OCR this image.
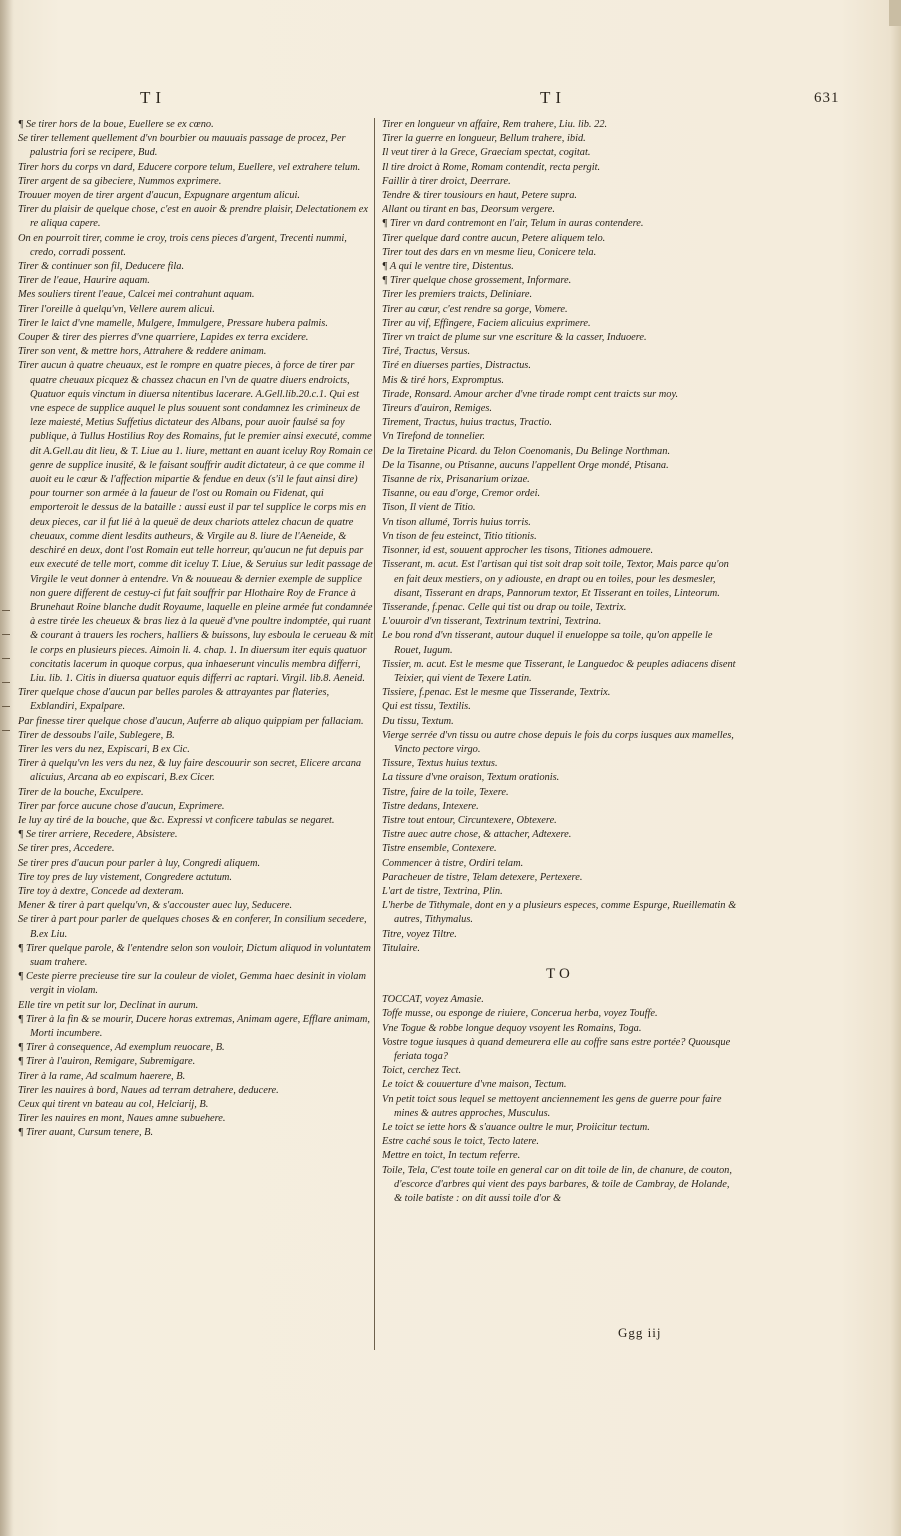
TI	TI	631

¶ Se tirer hors de la boue, Euellere se ex cœno.

Se tirer tellement quellement d'vn bourbier ou mauuais passage de procez, Per palustria fori se recipere, Bud.

Tirer hors du corps vn dard, Educere corpore telum, Euellere, vel extrahere telum.

Tirer argent de sa gibeciere, Nummos exprimere.

Trouuer moyen de tirer argent d'aucun, Expugnare argentum alicui.

Tirer du plaisir de quelque chose, c'est en auoir & prendre plaisir, Delectationem ex re aliqua capere.

On en pourroit tirer, comme ie croy, trois cens pieces d'argent, Trecenti nummi, credo, corradi possent.

Tirer & continuer son fil, Deducere fila.

Tirer de l'eaue, Haurire aquam.

Mes souliers tirent l'eaue, Calcei mei contrahunt aquam.

Tirer l'oreille à quelqu'vn, Vellere aurem alicui.

Tirer le laict d'vne mamelle, Mulgere, Immulgere, Pressare hubera palmis.

Couper & tirer des pierres d'vne quarriere, Lapides ex terra excidere.

Tirer son vent, & mettre hors, Attrahere & reddere animam.

Tirer aucun à quatre cheuaux, est le rompre en quatre pieces, à force de tirer par quatre cheuaux picquez & chassez chacun en l'vn de quatre diuers endroicts, Quatuor equis vinctum in diuersa nitentibus lacerare. A.Gell.lib.20.c.1. Qui est vne espece de supplice auquel le plus souuent sont condamnez les crimineux de leze maiesté, Metius Suffetius dictateur des Albans, pour auoir faulsé sa foy publique, à Tullus Hostilius Roy des Romains, fut le premier ainsi executé, comme dit A.Gell.au dit lieu, & T. Liue au 1. liure, mettant en auant iceluy Roy Romain ce genre de supplice inusité, & le faisant souffrir audit dictateur, à ce que comme il auoit eu le cœur & l'affection mipartie & fendue en deux (s'il le faut ainsi dire) pour tourner son armée à la faueur de l'ost ou Romain ou Fidenat, qui emporteroit le dessus de la bataille : aussi eust il par tel supplice le corps mis en deux pieces, car il fut lié à la queuë de deux chariots attelez chacun de quatre cheuaux, comme dient lesdits autheurs, & Virgile au 8. liure de l'Aeneide, & deschiré en deux, dont l'ost Romain eut telle horreur, qu'aucun ne fut depuis par eux executé de telle mort, comme dit iceluy T. Liue, & Seruius sur ledit passage de Virgile le veut donner à entendre. Vn & nouueau & dernier exemple de supplice non guere different de cestuy-ci fut fait souffrir par Hlothaire Roy de France à Brunehaut Roine blanche dudit Royaume, laquelle en pleine armée fut condamnée à estre tirée les cheueux & bras liez à la queuë d'vne poultre indomptée, qui ruant & courant à trauers les rochers, halliers & buissons, luy esboula le cerueau & mit le corps en plusieurs pieces. Aimoin li. 4. chap. 1. In diuersum iter equis quatuor concitatis lacerum in quoque corpus, qua inhaeserunt vinculis membra differri, Liu. lib. 1. Citis in diuersa quatuor equis differri ac raptari. Virgil. lib.8. Aeneid.

Tirer quelque chose d'aucun par belles paroles & attrayantes par flateries, Exblandiri, Expalpare.

Par finesse tirer quelque chose d'aucun, Auferre ab aliquo quippiam per fallaciam.

Tirer de dessoubs l'aile, Sublegere, B.

Tirer les vers du nez, Expiscari, B ex Cic.

Tirer à quelqu'vn les vers du nez, & luy faire descouurir son secret, Elicere arcana alicuius, Arcana ab eo expiscari, B.ex Cicer.

Tirer de la bouche, Exculpere.

Tirer par force aucune chose d'aucun, Exprimere.

Ie luy ay tiré de la bouche, que &c. Expressi vt conficere tabulas se negaret.

¶ Se tirer arriere, Recedere, Absistere.

Se tirer pres, Accedere.

Se tirer pres d'aucun pour parler à luy, Congredi aliquem.

Tire toy pres de luy vistement, Congredere actutum.

Tire toy à dextre, Concede ad dexteram.

Mener & tirer à part quelqu'vn, & s'accouster auec luy, Seducere.

Se tirer à part pour parler de quelques choses & en conferer, In consilium secedere, B.ex Liu.

¶ Tirer quelque parole, & l'entendre selon son vouloir, Dictum aliquod in voluntatem suam trahere.

¶ Ceste pierre precieuse tire sur la couleur de violet, Gemma haec desinit in violam vergit in violam.

Elle tire vn petit sur lor, Declinat in aurum.

¶ Tirer à la fin & se mourir, Ducere horas extremas, Animam agere, Efflare animam, Morti incumbere.

¶ Tirer à consequence, Ad exemplum reuocare, B.

¶ Tirer à l'auiron, Remigare, Subremigare.

Tirer à la rame, Ad scalmum haerere, B.

Tirer les nauires à bord, Naues ad terram detrahere, deducere.

Ceux qui tirent vn bateau au col, Helciarij, B.

Tirer les nauires en mont, Naues amne subuehere.

¶ Tirer auant, Cursum tenere, B.

Tirer en longueur vn affaire, Rem trahere, Liu. lib. 22.

Tirer la guerre en longueur, Bellum trahere, ibid.

Il veut tirer à la Grece, Graeciam spectat, cogitat.

Il tire droict à Rome, Romam contendit, recta pergit.

Faillir à tirer droict, Deerrare.

Tendre & tirer tousiours en haut, Petere supra.

Allant ou tirant en bas, Deorsum vergere.

¶ Tirer vn dard contremont en l'air, Telum in auras contendere.

Tirer quelque dard contre aucun, Petere aliquem telo.

Tirer tout des dars en vn mesme lieu, Conicere tela.

¶ A qui le ventre tire, Distentus.

¶ Tirer quelque chose grossement, Informare.

Tirer les premiers traicts, Deliniare.

Tirer au cœur, c'est rendre sa gorge, Vomere.

Tirer au vif, Effingere, Faciem alicuius exprimere.

Tirer vn traict de plume sur vne escriture & la casser, Induoere.

Tiré, Tractus, Versus.

Tiré en diuerses parties, Distractus.

Mis & tiré hors, Expromptus.

Tirade, Ronsard. Amour archer d'vne tirade rompt cent traicts sur moy.

Tireurs d'auiron, Remiges.

Tirement, Tractus, huius tractus, Tractio.

Vn Tirefond de tonnelier.

De la Tiretaine Picard. du Telon Coenomanis, Du Belinge Northman.

De la Tisanne, ou Ptisanne, aucuns l'appellent Orge mondé, Ptisana.

Tisanne de rix, Prisanarium orizae.

Tisanne, ou eau d'orge, Cremor ordei.

Tison, Il vient de Titio.

Vn tison allumé, Torris huius torris.

Vn tison de feu esteinct, Titio titionis.

Tisonner, id est, souuent approcher les tisons, Titiones admouere.

Tisserant, m. acut. Est l'artisan qui tist soit drap soit toile, Textor, Mais parce qu'on en fait deux mestiers, on y adiouste, en drapt ou en toiles, pour les desmesler, disant, Tisserant en draps, Pannorum textor, Et Tisserant en toiles, Linteorum.

Tisserande, f.penac. Celle qui tist ou drap ou toile, Textrix.

L'ouuroir d'vn tisserant, Textrinum textrini, Textrina.

Le bou rond d'vn tisserant, autour duquel il enueloppe sa toile, qu'on appelle le Rouet, Iugum.

Tissier, m. acut. Est le mesme que Tisserant, le Languedoc & peuples adiacens disent Teixier, qui vient de Texere Latin.

Tissiere, f.penac. Est le mesme que Tisserande, Textrix.

Qui est tissu, Textilis.

Du tissu, Textum.

Vierge serrée d'vn tissu ou autre chose depuis le fois du corps iusques aux mamelles, Vincto pectore virgo.

Tissure, Textus huius textus.

La tissure d'vne oraison, Textum orationis.

Tistre, faire de la toile, Texere.

Tistre dedans, Intexere.

Tistre tout entour, Circuntexere, Obtexere.

Tistre auec autre chose, & attacher, Adtexere.

Tistre ensemble, Contexere.

Commencer à tistre, Ordiri telam.

Paracheuer de tistre, Telam detexere, Pertexere.

L'art de tistre, Textrina, Plin.

L'herbe de Tithymale, dont en y a plusieurs especes, comme Espurge, Rueillematin & autres, Tithymalus.

Titre, voyez Tiltre.

Titulaire.

TO

TOCCAT, voyez Amasie.

Toffe musse, ou esponge de riuiere, Concerua herba, voyez Touffe.

Vne Togue & robbe longue dequoy vsoyent les Romains, Toga.

Vostre togue iusques à quand demeurera elle au coffre sans estre portée? Quousque feriata toga?

Toict, cerchez Tect.

Le toict & couuerture d'vne maison, Tectum.

Vn petit toict sous lequel se mettoyent anciennement les gens de guerre pour faire mines & autres approches, Musculus.

Le toict se iette hors & s'auance oultre le mur, Proiicitur tectum.

Estre caché sous le toict, Tecto latere.

Mettre en toict, In tectum referre.

Toile, Tela, C'est toute toile en general car on dit toile de lin, de chanure, de couton, d'escorce d'arbres qui vient des pays barbares, & toile de Cambray, de Holande, & toile batiste : on dit aussi toile d'or &

Ggg iij
